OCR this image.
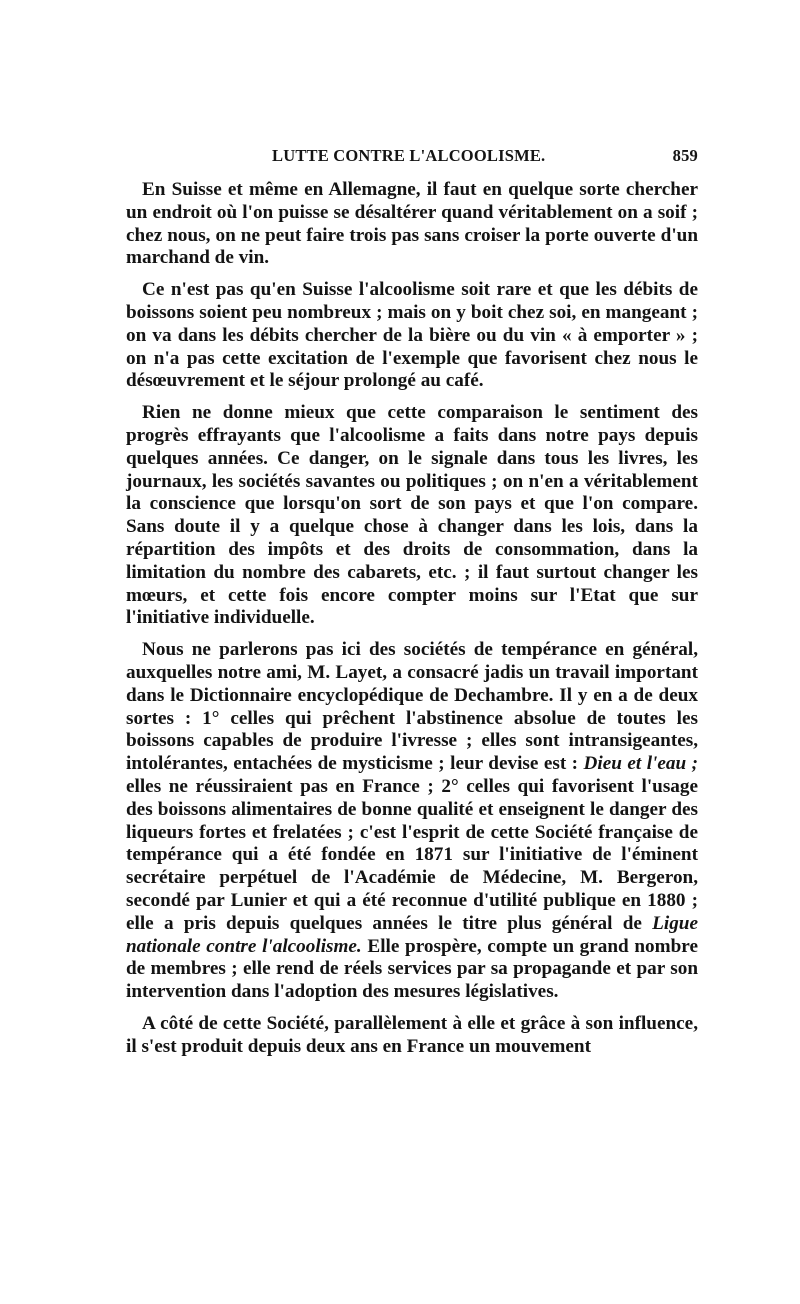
LUTTE CONTRE L'ALCOOLISME.	859

En Suisse et même en Allemagne, il faut en quelque sorte chercher un endroit où l'on puisse se désaltérer quand véritablement on a soif ; chez nous, on ne peut faire trois pas sans croiser la porte ouverte d'un marchand de vin.

Ce n'est pas qu'en Suisse l'alcoolisme soit rare et que les débits de boissons soient peu nombreux ; mais on y boit chez soi, en mangeant ; on va dans les débits chercher de la bière ou du vin « à emporter » ; on n'a pas cette excitation de l'exemple que favorisent chez nous le désœuvrement et le séjour prolongé au café.

Rien ne donne mieux que cette comparaison le sentiment des progrès effrayants que l'alcoolisme a faits dans notre pays depuis quelques années. Ce danger, on le signale dans tous les livres, les journaux, les sociétés savantes ou politiques ; on n'en a véritablement la conscience que lorsqu'on sort de son pays et que l'on compare. Sans doute il y a quelque chose à changer dans les lois, dans la répartition des impôts et des droits de consommation, dans la limitation du nombre des cabarets, etc. ; il faut surtout changer les mœurs, et cette fois encore compter moins sur l'Etat que sur l'initiative individuelle.

Nous ne parlerons pas ici des sociétés de tempérance en général, auxquelles notre ami, M. Layet, a consacré jadis un travail important dans le Dictionnaire encyclopédique de Dechambre. Il y en a de deux sortes : 1° celles qui prêchent l'abstinence absolue de toutes les boissons capables de produire l'ivresse ; elles sont intransigeantes, intolérantes, entachées de mysticisme ; leur devise est : Dieu et l'eau ; elles ne réussiraient pas en France ; 2° celles qui favorisent l'usage des boissons alimentaires de bonne qualité et enseignent le danger des liqueurs fortes et frelatées ; c'est l'esprit de cette Société française de tempérance qui a été fondée en 1871 sur l'initiative de l'éminent secrétaire perpétuel de l'Académie de Médecine, M. Bergeron, secondé par Lunier et qui a été reconnue d'utilité publique en 1880 ; elle a pris depuis quelques années le titre plus général de Ligue nationale contre l'alcoolisme. Elle prospère, compte un grand nombre de membres ; elle rend de réels services par sa propagande et par son intervention dans l'adoption des mesures législatives.

A côté de cette Société, parallèlement à elle et grâce à son influence, il s'est produit depuis deux ans en France un mouvement
